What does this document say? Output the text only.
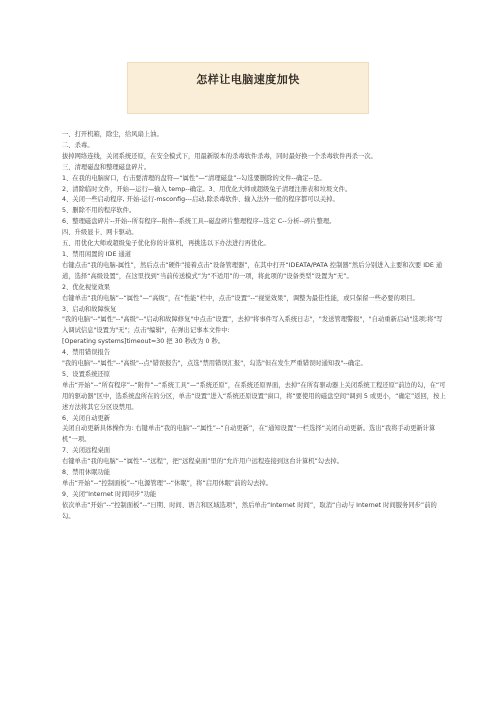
怎样让电脑速度加快

一、打开机箱，除尘，给风扇上油。

二、杀毒。

拔掉网络连线，关闭系统还原，在安全模式下，用最新版本的杀毒软件杀毒，同时最好换一个杀毒软件再杀一次。

三、清理磁盘和整理磁盘碎片。

1、在我的电脑窗口，右击要清理的盘符—“属性”—“清理磁盘”--勾选要删除的文件--确定--是。

2、清除临时文件，开始—运行—输入 temp--确定。3、用优化大师或超级兔子清理注册表和垃圾文件。

4、关闭一些启动程序, 开始-运行-msconfig---启动,除杀毒软件、输入法外一般的程序都可以关掉。

5、删除不用的程序软件。

6、整理磁盘碎片--开始--所有程序--附件--系统工具--磁盘碎片整理程序--选定 C--分析--碎片整理。

四、升级显卡、网卡驱动。

五、用优化大师或超级兔子优化你的计算机，再挑选以下办法进行再优化。

1、禁用闲置的 IDE 通道

右键点击“我的电脑-属性”，然后点击“硬件”接着点击“设备管理器”，在其中打开“IDEATA/PATA 控制器”然后分别进入主要和次要 IDE 通道，选择“高级设置”，在这里找到“当前传送模式”为“不适用”的一项，将此项的“设备类型”设置为“无”。

2、优化视觉效果

右键单击“我的电脑”--“属性”—“高级”，在“性能”栏中，点击“设置”--“视觉效果”，调整为最佳性能，或只保留一些必要的项目。

3、启动和故障恢复

"我的电脑"--"属性"--"高级"--"启动和故障修复"中点击“设置”，去掉"将事件写入系统日志"，"发送管理警报"，"自动重新启动"选项;将"写入调试信息"设置为"无"；点击"编辑"，在弹出记事本文件中:

[Operating systems]timeout=30 把 30 秒改为 0 秒。

4、禁用错误报告

"我的电脑"--"属性"--"高级"--点"错误报告"，点选"禁用错误汇报"，勾选"但在发生严重错误时通知我"--确定。

5、设置系统还原

单击“开始”--“所有程序”--“附件”--“系统工具”—“系统还原”，在系统还原界面，去掉“在所有驱动器上关闭系统工程还原”前边的勾，在“可用的驱动器”区中，选系统盘所在的分区，单击“设置”进入“系统还原设置”窗口，将“要使用的磁盘空间”调到 5 或更小，“确定”返回，按上述方法将其它分区设禁用。

6、关闭自动更新

关闭自动更新具体操作为: 右键单击“我的电脑”--“属性”--“自动更新”，在“通知设置”一栏选择“关闭自动更新。选出“我将手动更新计算机”一项。

7、关闭远程桌面

右键单击“我的电脑”--“属性”--“远程”，把“远程桌面”里的“允许用户远程连接到这台计算机”勾去掉。

8、禁用休眠功能

单击“开始”--“控制面板”--“电源管理”--“休眠”，将“启用休眠”前的勾去掉。

9、关闭“Internet 时间同步”功能

依次单击“开始”--“控制面板”--“日期、时间、语言和区域选项”，然后单击“Internet 时间”，取消“自动与 Internet 时间服务同步”前的勾。
